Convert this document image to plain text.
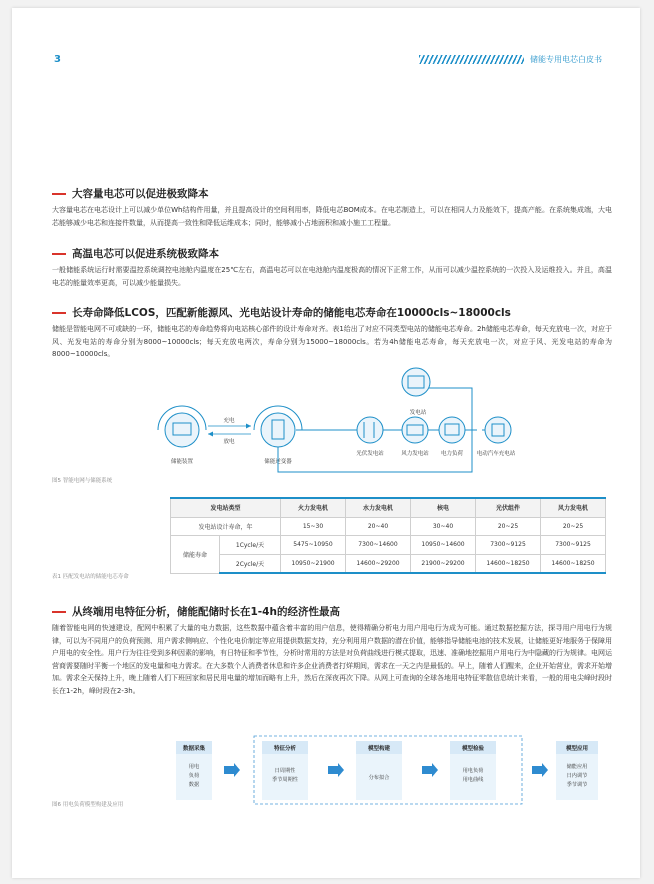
3	储能专用电芯白皮书
大容量电芯可以促进极致降本
大容量电芯在电芯设计上可以减少单位Wh结构件用量，并且提高设计的空间利用率，降低电芯BOM成本。在电芯制造上，可以在相同人力及能效下，提高产能。在系统集成端，大电芯能够减少电芯和连接件数量，从而提高一致性和降低运维成本；同时，能够减小占地面积和减小施工工程量。
高温电芯可以促进系统极致降本
一般储能系统运行时需要温控系统调控电池舱内温度在25℃左右，高温电芯可以在电池舱内温度极高的情况下正常工作，从而可以减少温控系统的一次投入及运维投入。并且，高温电芯的能量效率更高，可以减少能量损失。
长寿命降低LCOS，匹配新能源风、光电站设计寿命的储能电芯寿命在10000cls~18000cls
储能是智能电网不可或缺的一环，储能电芯的寿命趋势将向电站核心部件的设计寿命对齐。表1给出了对应不同类型电站的储能电芯寿命。2h储能电芯寿命，每天充放电一次，对应于风、光发电站的寿命分别为8000~10000cls；每天充放电两次，寿命分别为15000~18000cls。若为4h储能电芯寿命，每天充放电一次，对应于风、光发电站的寿命为8000~10000cls。
储能装置
充电
放电
储能逆变器
发电站
光伏发电站	风力发电站 电力负荷 电动汽车充电站
图5 智能电网与储能系统
发电站类型		火力发电机	水力发电机	核电	光伏组件	风力发电机
发电站设计寿命，年		15~30	20~40	30~40	20~25	20~25
储能寿命	1Cycle/天	5475~10950	7300~14600	10950~14600	7300~9125	7300~9125
	2Cycle/天	10950~21900	14600~29200	21900~29200	14600~18250	14600~18250
表1 匹配发电站的储能电芯寿命
从终端用电特征分析，储能配储时长在1-4h的经济性最高
随着智能电网的快速建设，配网中积累了大量的电力数据，这些数据中蕴含着丰富的用户信息，使得精确分析电力用户用电行为成为可能。通过数据挖掘方法，探寻用户用电行为规律，可以为不同用户的负荷预测、用户需求侧响应、个性化电价制定等应用提供数据支持，充分利用用户数据的潜在价值，能够指导储能电池的技术发展，让储能更好地服务于保障用户用电的安全性。用户行为往往受到多种因素的影响，有日特征和季节性，分析时常用的方法是对负荷曲线进行模式提取，迅速、准确地挖掘用户用电行为中隐藏的行为规律。电网运营商需要随时平衡一个地区的发电量和电力需求。在大多数个人消费者休息和许多企业消费者打烊期间，需求在一天之内是最低的。早上，随着人们醒来，企业开始营业，需求开始增加。需求全天保持上升，晚上随着人们下班回家和居民用电量的增加而略有上升，然后在深夜再次下降。从网上可查询的全球各地用电特征零散信息统计来看，一般的用电尖峰时段时长在1-2h，峰时段在2-3h。
数据采集
用电
负荷
数据
特征分析
日周期性
季节周期性
模型构建
分布拟合
模型检验
用电负荷
用电曲线
模型应用
储能应用
日内调节
季节调节
图6 用电负荷模型构建及应用
